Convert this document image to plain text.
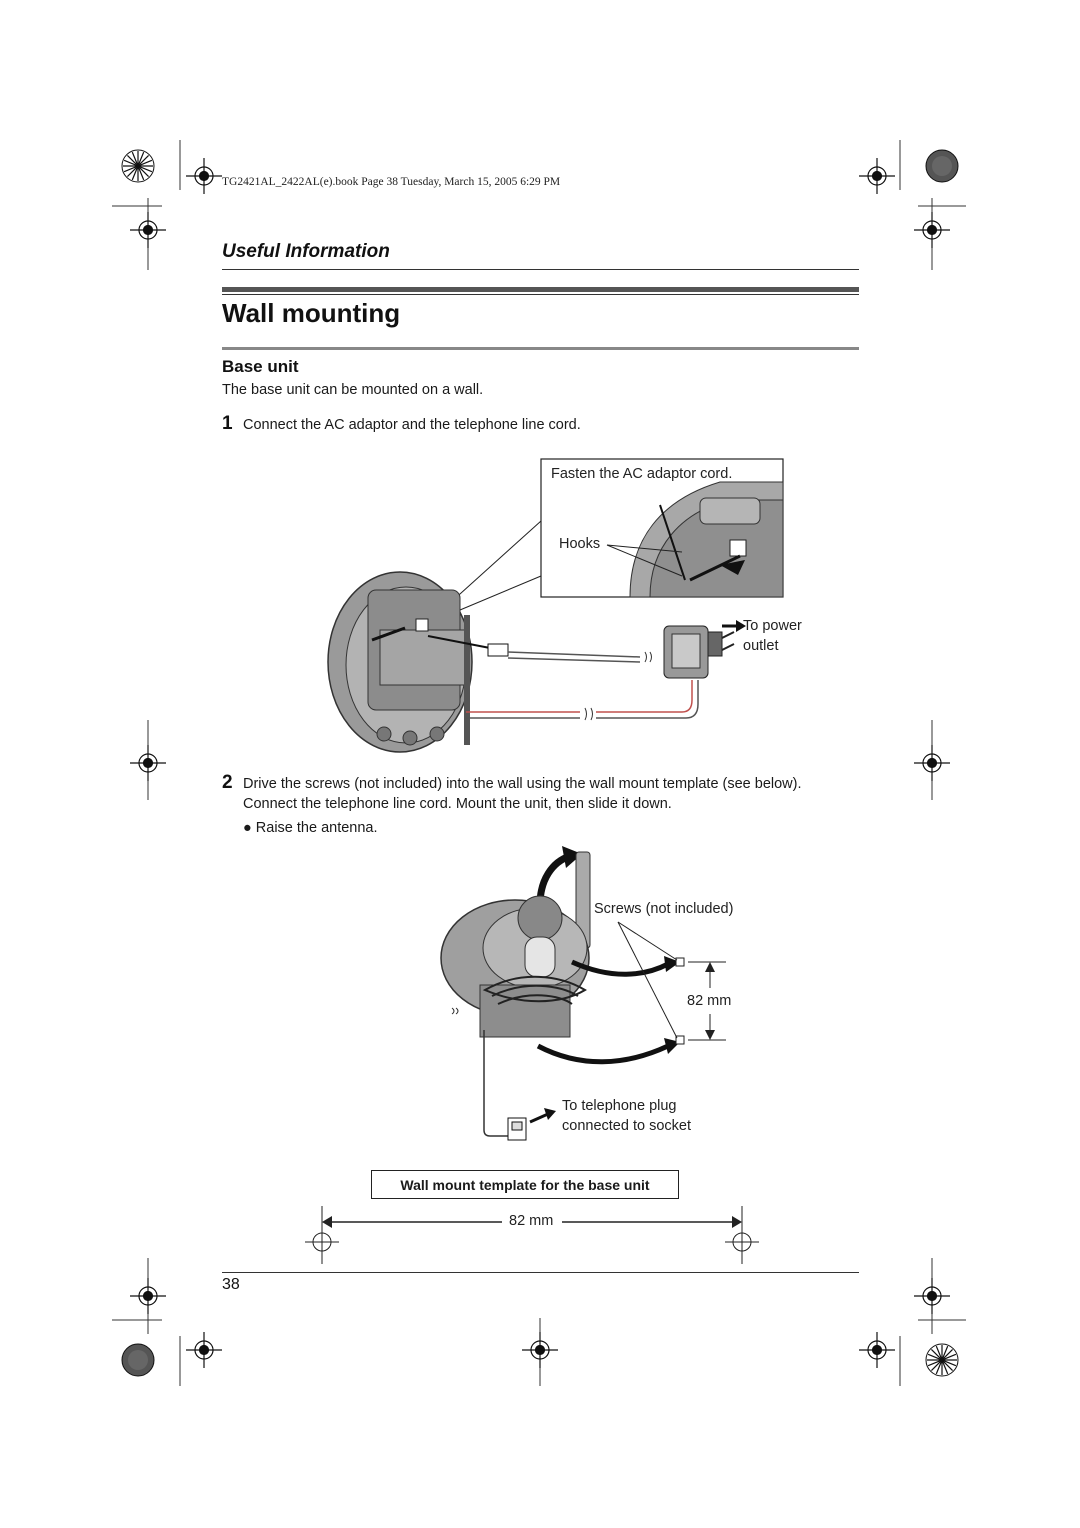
TG2421AL_2422AL(e).book Page 38 Tuesday, March 15, 2005 6:29 PM
Useful Information
Wall mounting
Base unit
The base unit can be mounted on a wall.
1 Connect the AC adaptor and the telephone line cord.
Fasten the AC adaptor cord.
Hooks
To power
outlet
2 Drive the screws (not included) into the wall using the wall mount template (see below).
Connect the telephone line cord. Mount the unit, then slide it down.
● Raise the antenna.
Screws (not included)
82 mm
To telephone plug
connected to socket
Wall mount template for the base unit
82 mm
38
